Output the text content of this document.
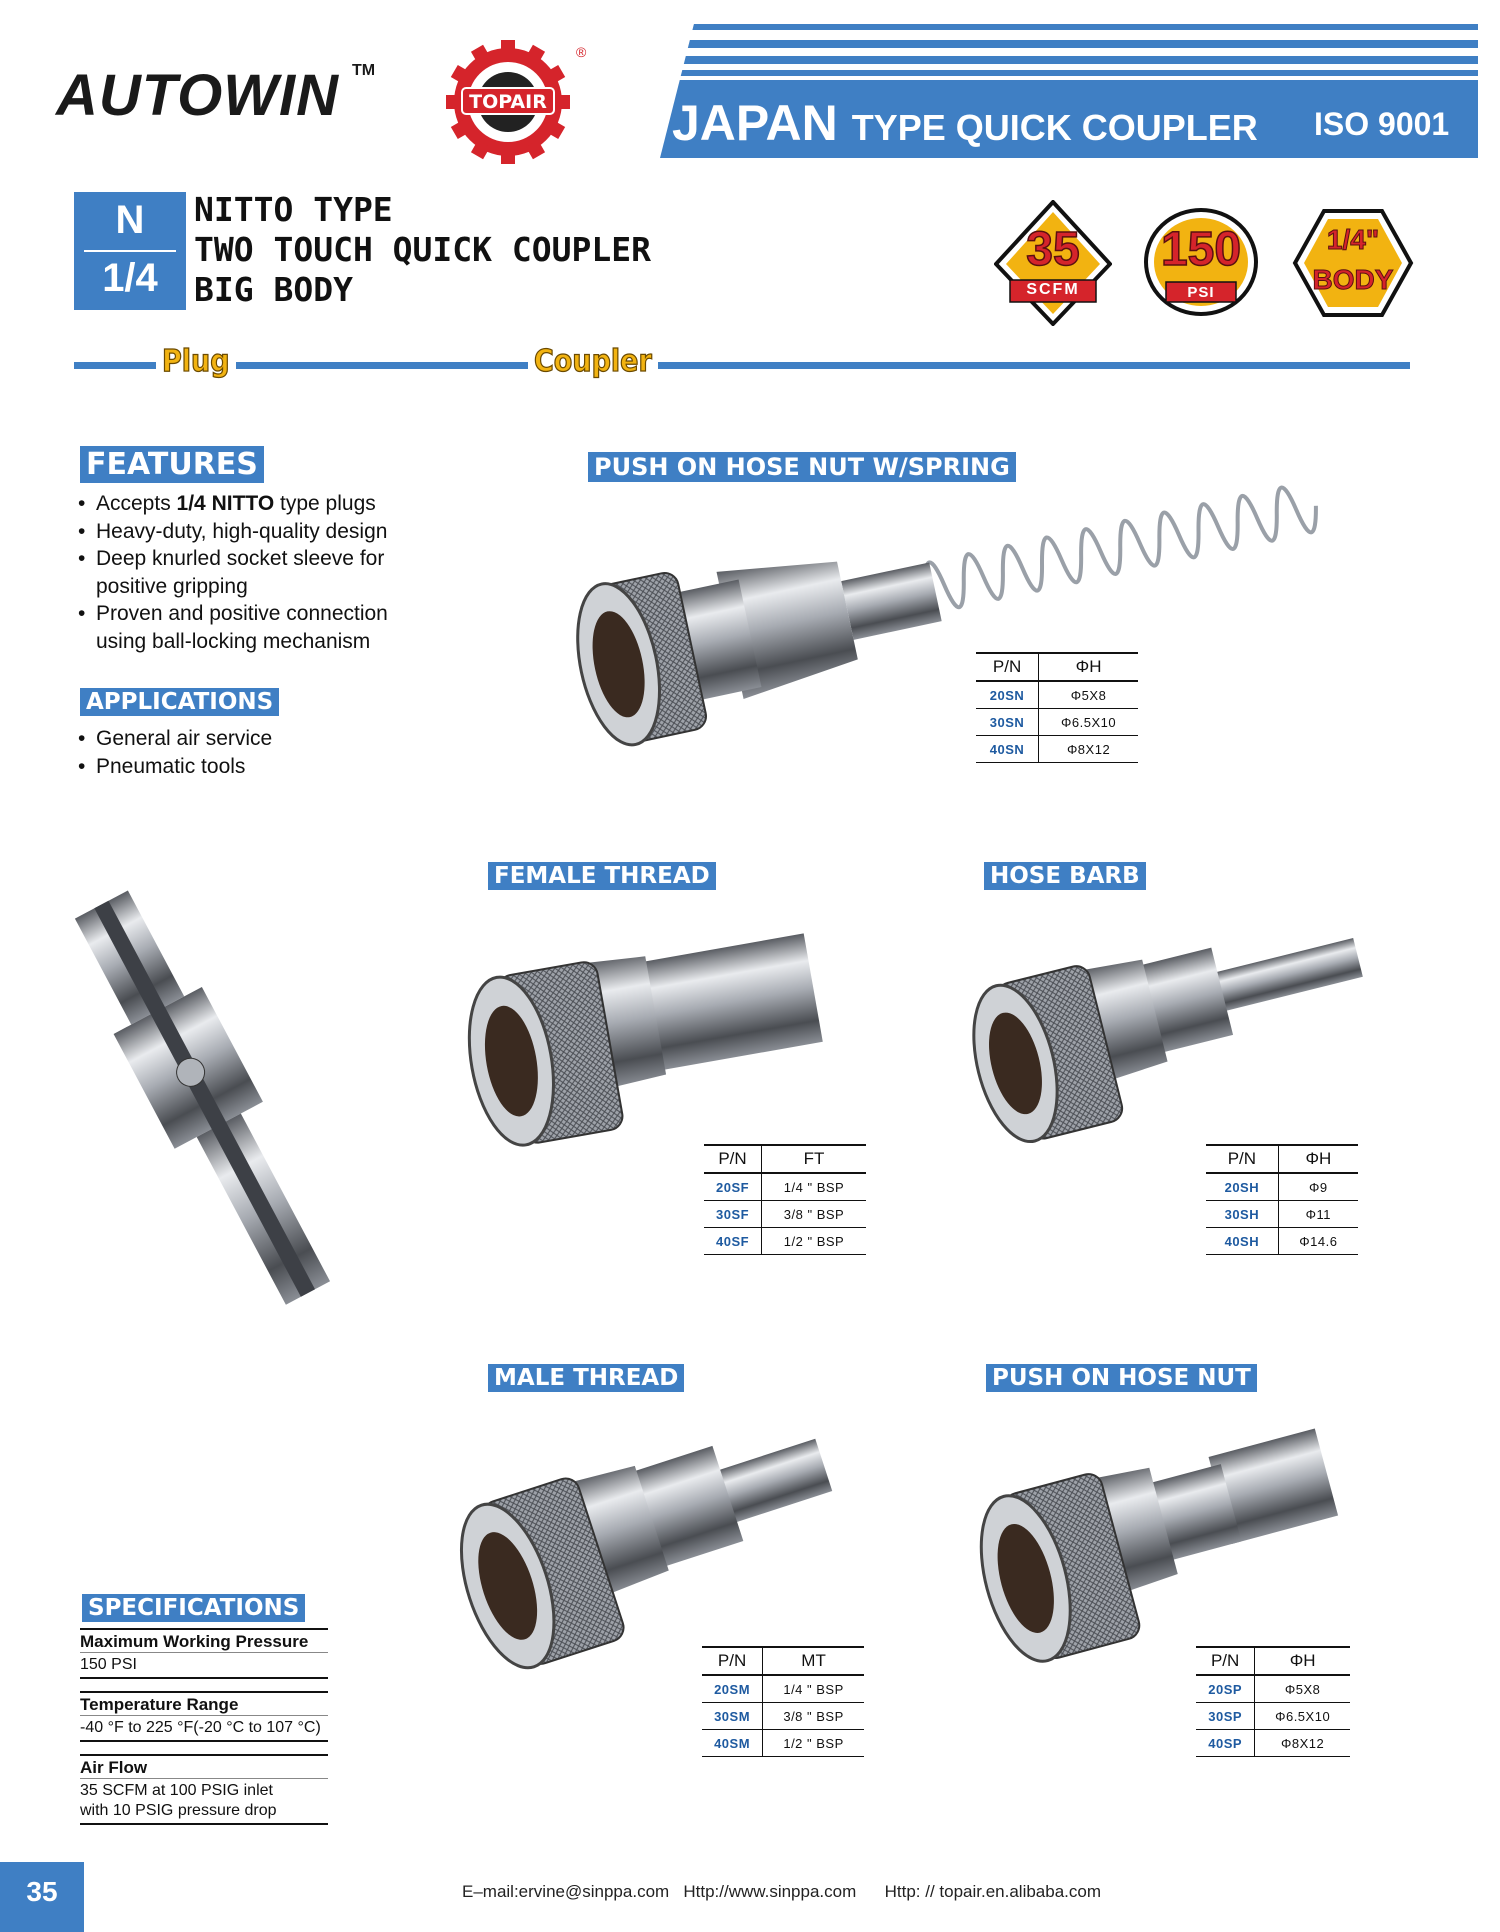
AUTOWIN TM
TOPAIR
®
JAPAN TYPE QUICK COUPLER ISO 9001
N
1/4
NITTO TYPE
TWO TOUCH QUICK COUPLER
BIG BODY
35
SCFM
150
PSI
1/4"
BODY
Plug	Coupler
FEATURES
• Accepts 1/4 NITTO type plugs
• Heavy-duty, high-quality design
• Deep knurled socket sleeve for positive gripping
• Proven and positive connection using ball-locking mechanism
APPLICATIONS
• General air service
• Pneumatic tools
PUSH ON HOSE NUT W/SPRING
P/N	ΦH
20SN	Φ5X8
30SN	Φ6.5X10
40SN	Φ8X12
FEMALE THREAD
P/N	FT
20SF	1/4 " BSP
30SF	3/8 " BSP
40SF	1/2 " BSP
HOSE BARB
P/N	ΦH
20SH	Φ9
30SH	Φ11
40SH	Φ14.6
MALE THREAD
P/N	MT
20SM	1/4 " BSP
30SM	3/8 " BSP
40SM	1/2 " BSP
PUSH ON HOSE NUT
P/N	ΦH
20SP	Φ5X8
30SP	Φ6.5X10
40SP	Φ8X12
SPECIFICATIONS
Maximum Working Pressure
150 PSI
Temperature Range
-40 °F to 225 °F(-20 °C to 107 °C)
Air Flow
35 SCFM at 100 PSIG inlet
with 10 PSIG pressure drop
35	E–mail:ervine@sinppa.com Http://www.sinppa.com Http: // topair.en.alibaba.com
